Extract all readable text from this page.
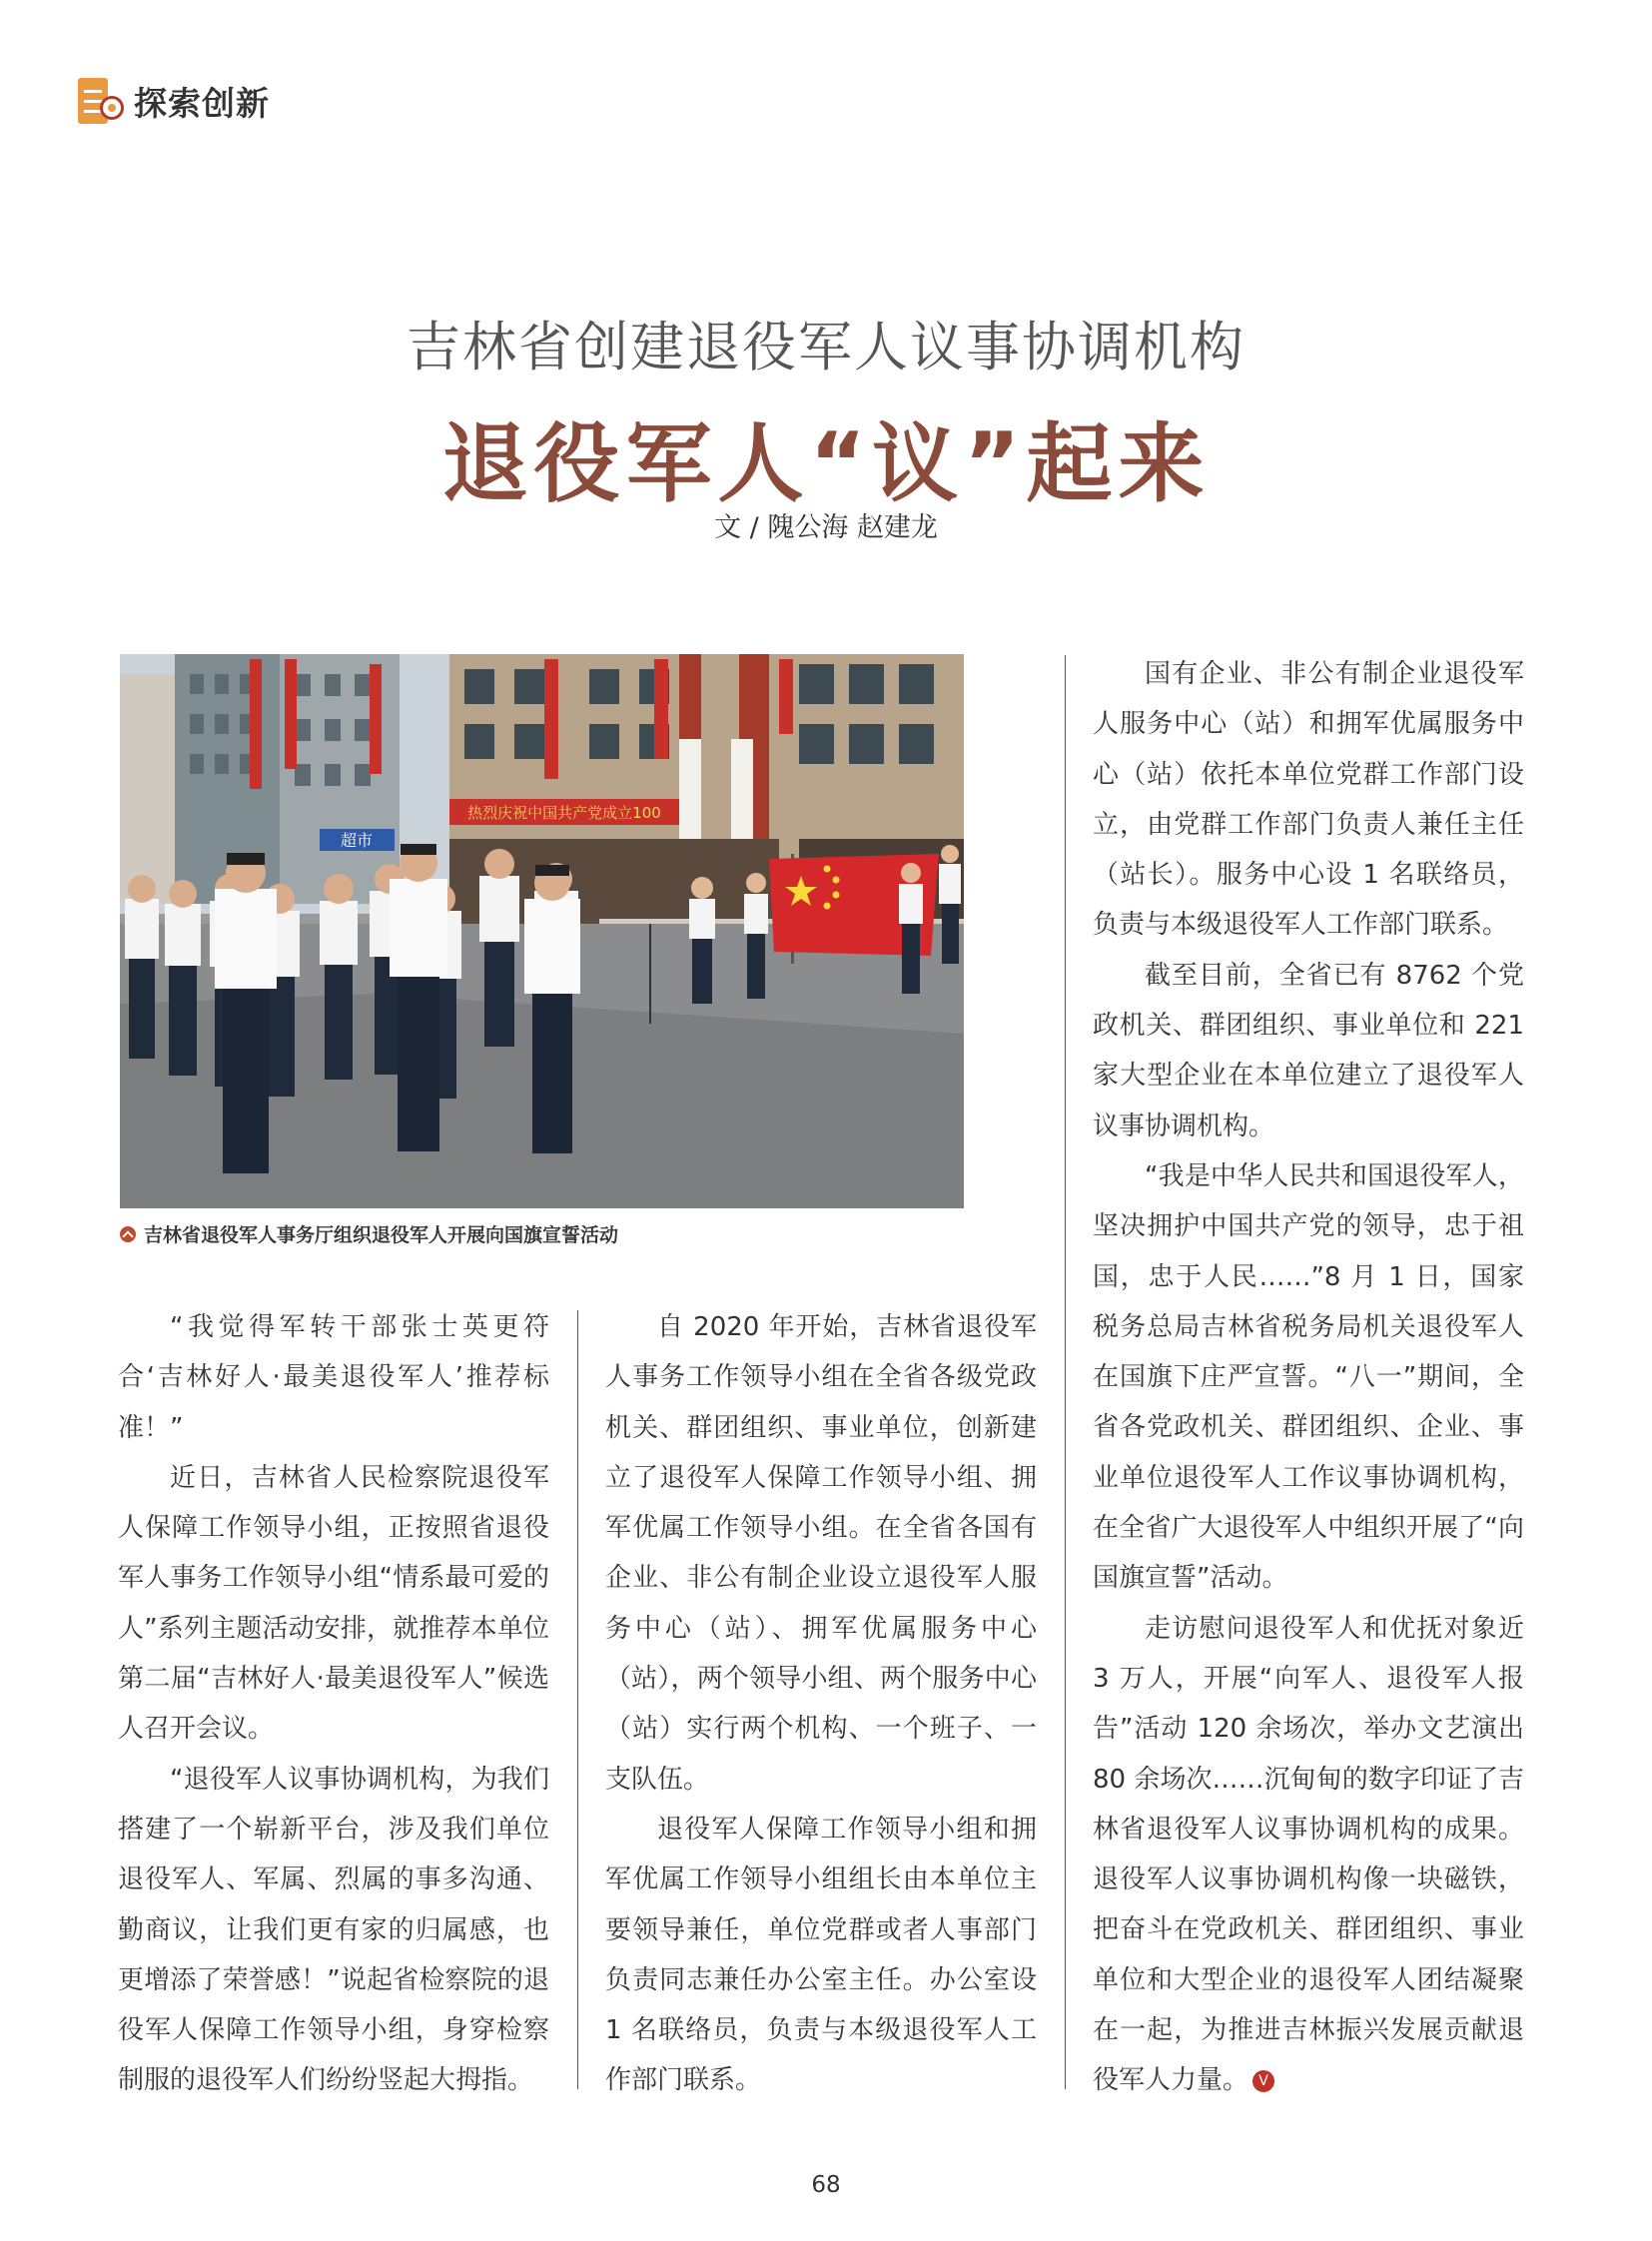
探索创新
吉林省创建退役军人议事协调机构
退役军人“议”起来
文 / 隗公海 赵建龙
超市
热烈庆祝中国共产党成立100
吉林省退役军人事务厅组织退役军人开展向国旗宣誓活动

“我觉得军转干部张士英更符合‘吉林好人·最美退役军人’推荐标准！”

近日，吉林省人民检察院退役军人保障工作领导小组，正按照省退役军人事务工作领导小组“情系最可爱的人”系列主题活动安排，就推荐本单位第二届“吉林好人·最美退役军人”候选人召开会议。

“退役军人议事协调机构，为我们搭建了一个崭新平台，涉及我们单位退役军人、军属、烈属的事多沟通、勤商议，让我们更有家的归属感，也更增添了荣誉感！”说起省检察院的退役军人保障工作领导小组，身穿检察制服的退役军人们纷纷竖起大拇指。

自 2020 年开始，吉林省退役军人事务工作领导小组在全省各级党政机关、群团组织、事业单位，创新建立了退役军人保障工作领导小组、拥军优属工作领导小组。在全省各国有企业、非公有制企业设立退役军人服务中心（站）、拥军优属服务中心（站），两个领导小组、两个服务中心（站）实行两个机构、一个班子、一支队伍。

退役军人保障工作领导小组和拥军优属工作领导小组组长由本单位主要领导兼任，单位党群或者人事部门负责同志兼任办公室主任。办公室设 1 名联络员，负责与本级退役军人工作部门联系。

国有企业、非公有制企业退役军人服务中心（站）和拥军优属服务中心（站）依托本单位党群工作部门设立，由党群工作部门负责人兼任主任（站长）。服务中心设 1 名联络员，负责与本级退役军人工作部门联系。

截至目前，全省已有 8762 个党政机关、群团组织、事业单位和 221 家大型企业在本单位建立了退役军人议事协调机构。

“我是中华人民共和国退役军人，坚决拥护中国共产党的领导，忠于祖国，忠于人民……”8 月 1 日，国家税务总局吉林省税务局机关退役军人在国旗下庄严宣誓。“八一”期间，全省各党政机关、群团组织、企业、事业单位退役军人工作议事协调机构，在全省广大退役军人中组织开展了“向国旗宣誓”活动。

走访慰问退役军人和优抚对象近 3 万人，开展“向军人、退役军人报告”活动 120 余场次，举办文艺演出 80 余场次……沉甸甸的数字印证了吉林省退役军人议事协调机构的成果。退役军人议事协调机构像一块磁铁，把奋斗在党政机关、群团组织、事业单位和大型企业的退役军人团结凝聚在一起，为推进吉林振兴发展贡献退役军人力量。 V

68
